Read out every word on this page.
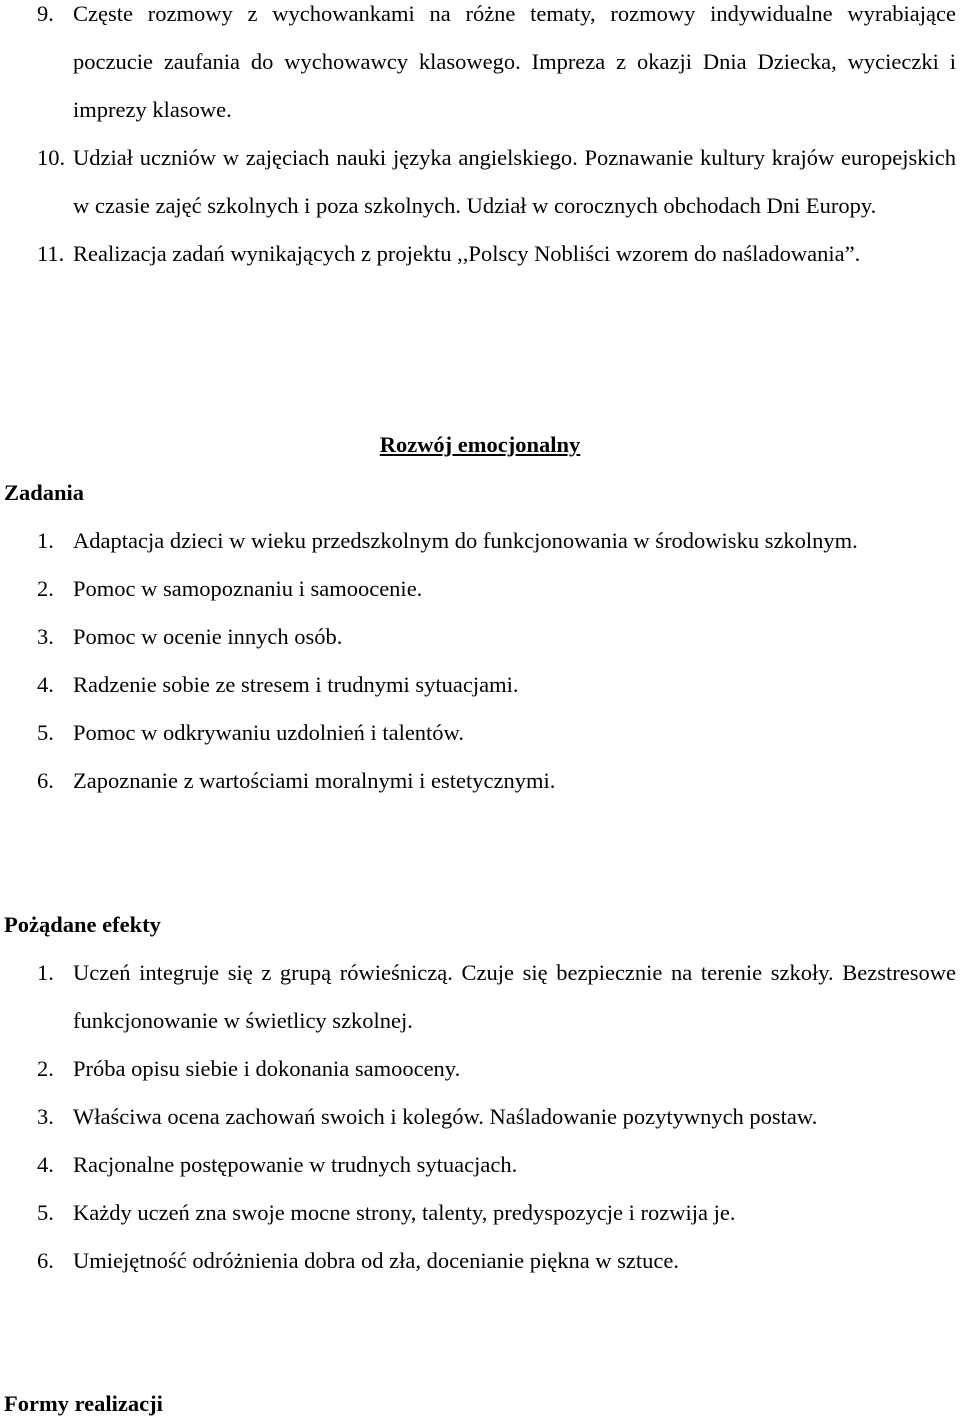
9. Częste rozmowy z wychowankami na różne tematy, rozmowy indywidualne wyrabiające poczucie zaufania do wychowawcy klasowego. Impreza z okazji Dnia Dziecka, wycieczki i imprezy klasowe.
10. Udział uczniów w zajęciach nauki języka angielskiego. Poznawanie kultury krajów europejskich w czasie zajęć szkolnych i poza szkolnych. Udział w corocznych obchodach Dni Europy.
11. Realizacja zadań wynikających z projektu ,,Polscy Nobliści wzorem do naśladowania”.
Rozwój emocjonalny
Zadania
1. Adaptacja dzieci w wieku przedszkolnym do funkcjonowania w środowisku szkolnym.
2. Pomoc w samopoznaniu i samoocenie.
3. Pomoc w ocenie innych osób.
4. Radzenie sobie ze stresem i trudnymi sytuacjami.
5. Pomoc w odkrywaniu uzdolnień i talentów.
6. Zapoznanie z wartościami moralnymi i estetycznymi.
Pożądane efekty
1. Uczeń integruje się z grupą rówieśniczą. Czuje się bezpiecznie na terenie szkoły. Bezstresowe funkcjonowanie w świetlicy szkolnej.
2. Próba opisu siebie i dokonania samooceny.
3. Właściwa ocena zachowań swoich i kolegów. Naśladowanie pozytywnych postaw.
4. Racjonalne postępowanie w trudnych sytuacjach.
5. Każdy uczeń zna swoje mocne strony, talenty, predyspozycje i rozwija je.
6. Umiejętność odróżnienia dobra od zła, docenianie piękna w sztuce.
Formy realizacji
